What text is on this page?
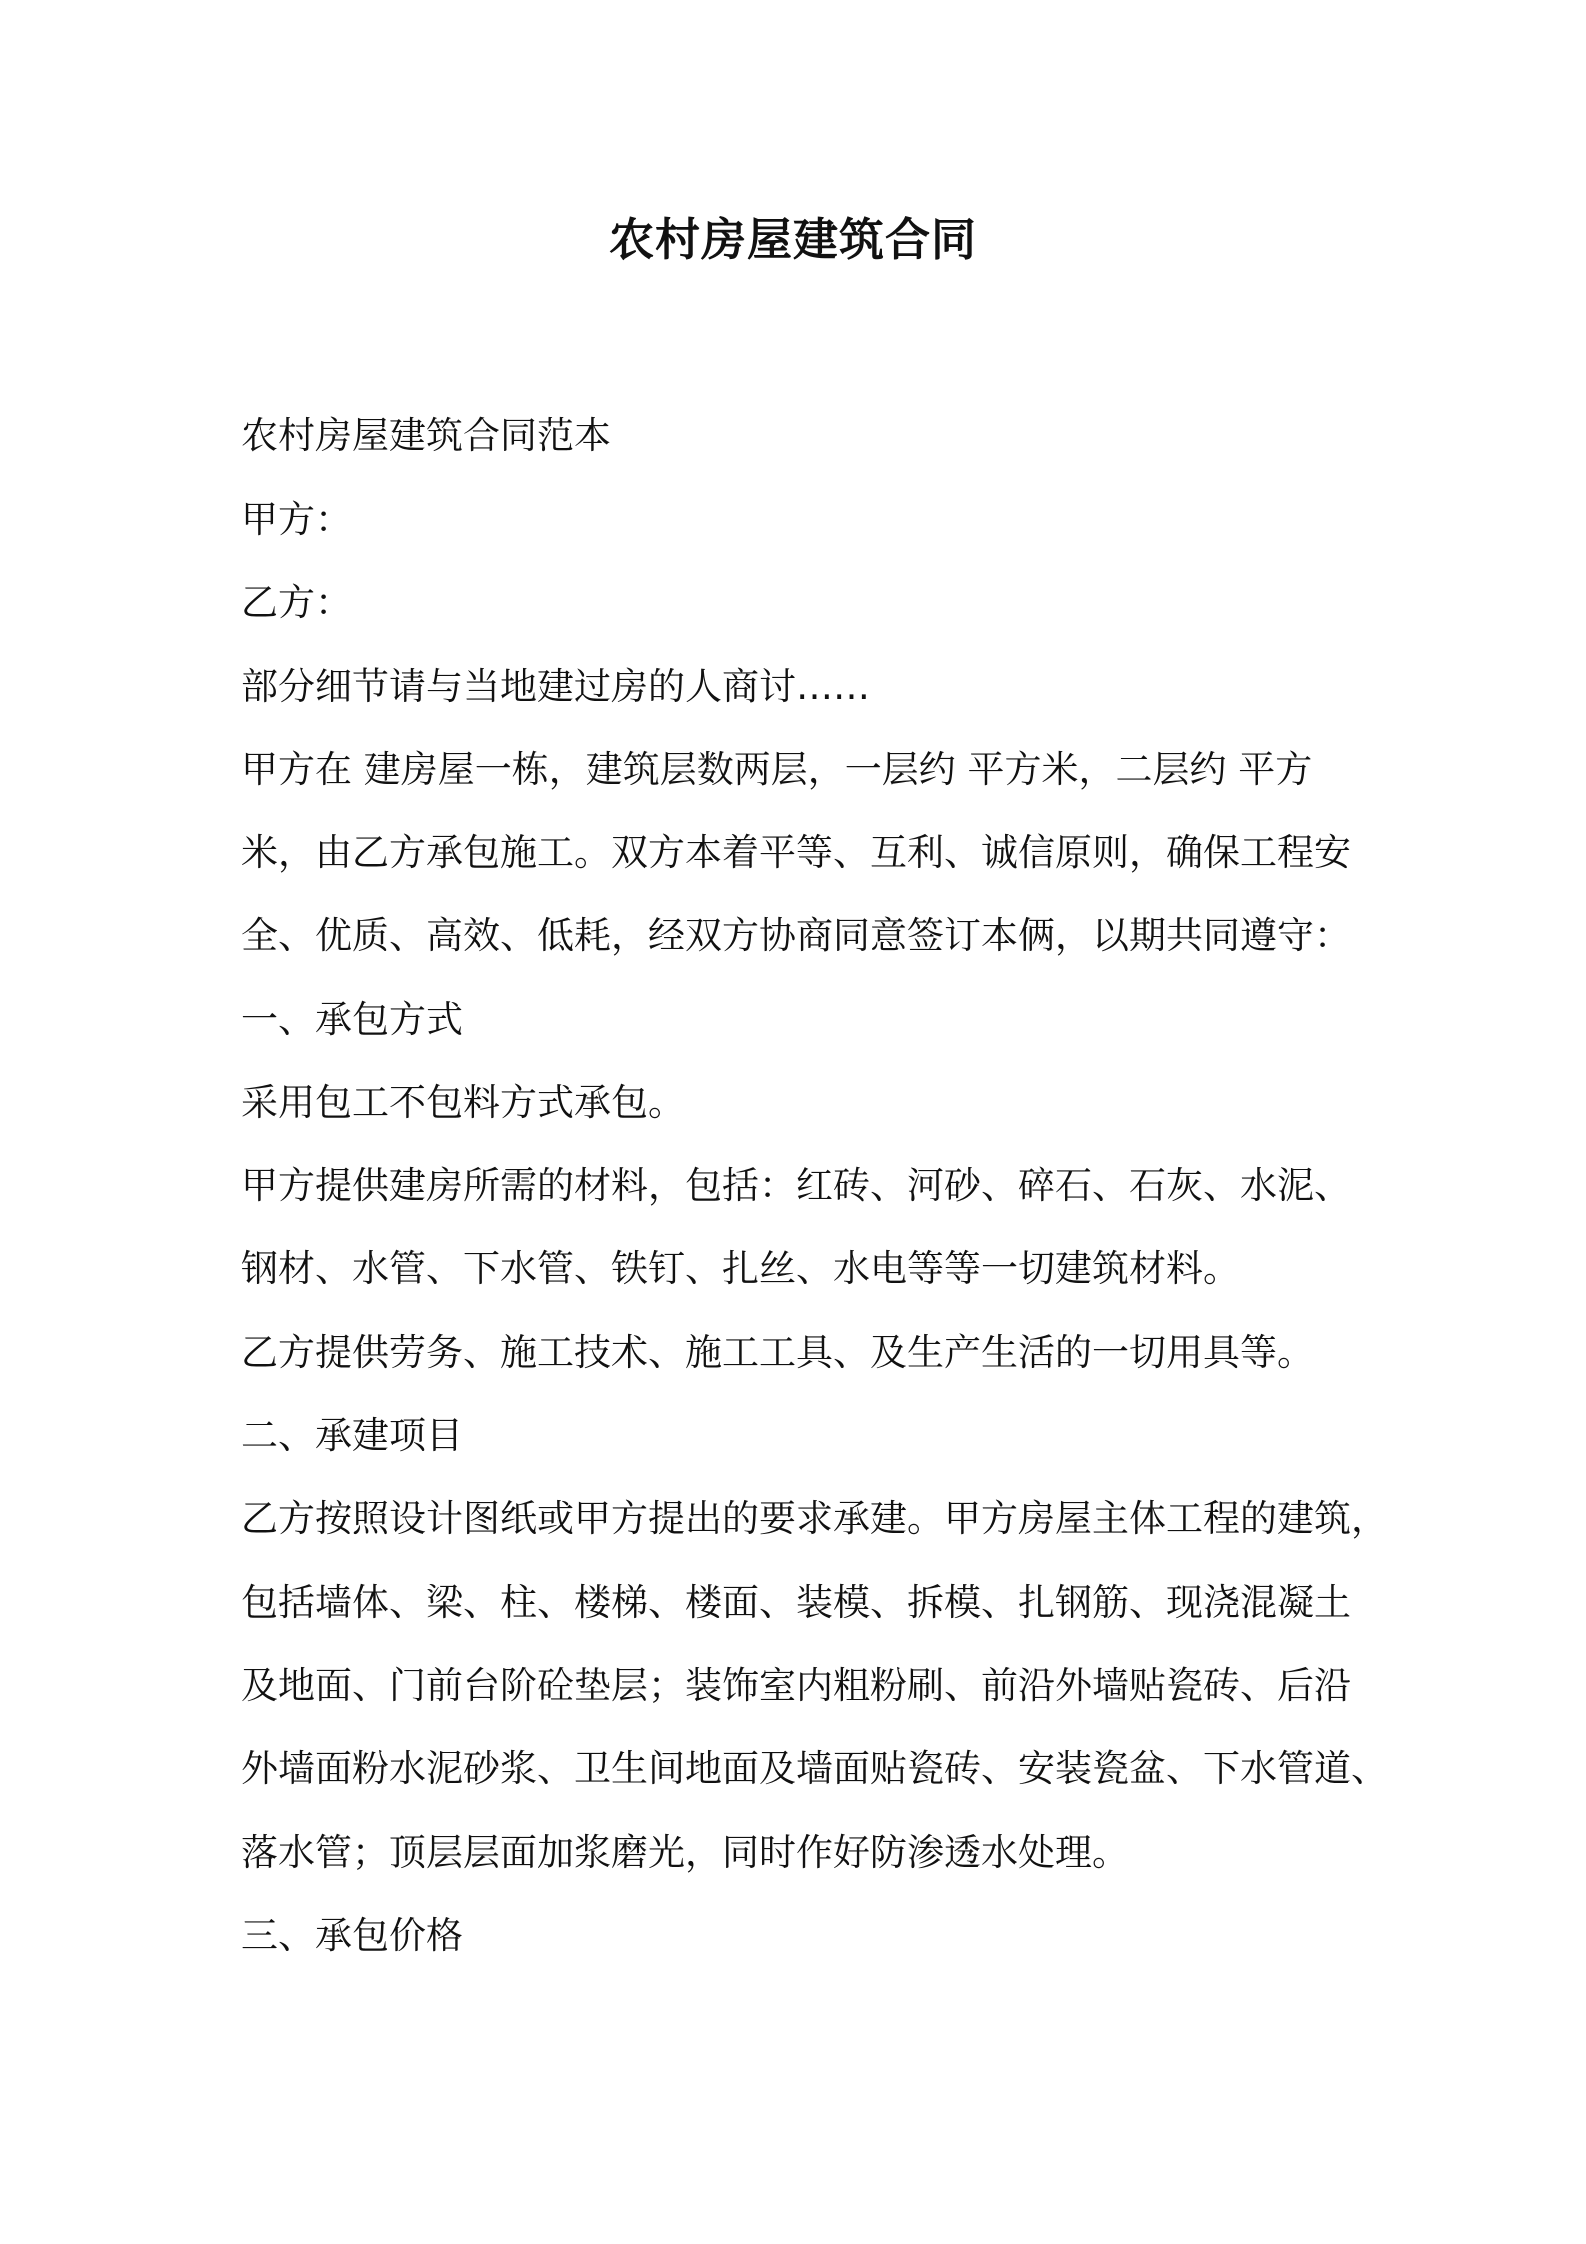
农村房屋建筑合同
农村房屋建筑合同范本
甲方：
乙方：
部分细节请与当地建过房的人商讨……
甲方在 建房屋一栋，建筑层数两层，一层约 平方米，二层约 平方
米，由乙方承包施工。双方本着平等、互利、诚信原则，确保工程安
全、优质、高效、低耗，经双方协商同意签订本俩，以期共同遵守：
一、承包方式
采用包工不包料方式承包。
甲方提供建房所需的材料，包括：红砖、河砂、碎石、石灰、水泥、
钢材、水管、下水管、铁钉、扎丝、水电等等一切建筑材料。
乙方提供劳务、施工技术、施工工具、及生产生活的一切用具等。
二、承建项目
乙方按照设计图纸或甲方提出的要求承建。甲方房屋主体工程的建筑，
包括墙体、梁、柱、楼梯、楼面、装模、拆模、扎钢筋、现浇混凝土
及地面、门前台阶砼垫层；装饰室内粗粉刷、前沿外墙贴瓷砖、后沿
外墙面粉水泥砂浆、卫生间地面及墙面贴瓷砖、安装瓷盆、下水管道、
落水管；顶层层面加浆磨光，同时作好防渗透水处理。
三、承包价格
